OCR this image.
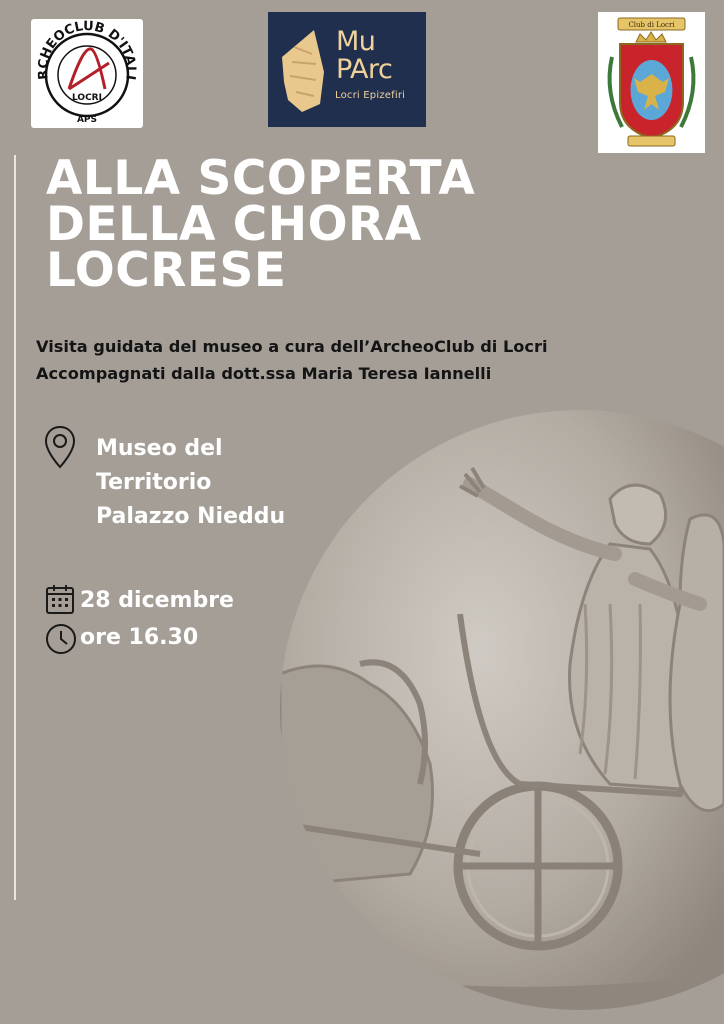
RCHEOCLUB D'ITALI
LOCRI
APS
Mu
PArc
Locri Epizefiri
Club di Locri
ALLA SCOPERTA
DELLA CHORA
LOCRESE
Visita guidata del museo a cura dell’ArcheoClub di Locri
Accompagnati dalla dott.ssa Maria Teresa Iannelli
Museo del
Territorio
Palazzo Nieddu
28 dicembre
ore 16.30
